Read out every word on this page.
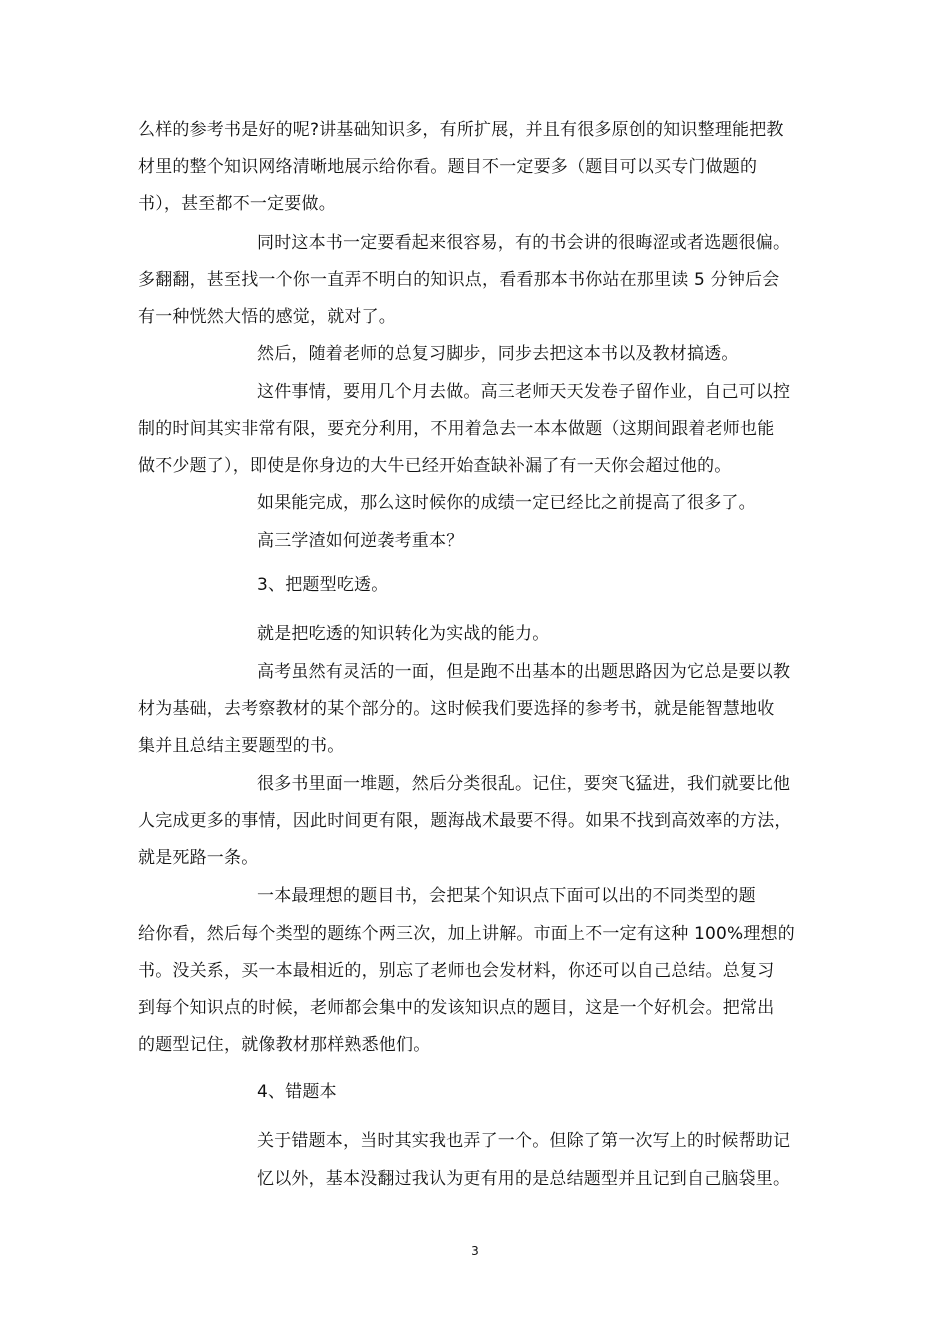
么样的参考书是好的呢?讲基础知识多，有所扩展，并且有很多原创的知识整理能把教

材里的整个知识网络清晰地展示给你看。题目不一定要多（题目可以买专门做题的

书），甚至都不一定要做。

同时这本书一定要看起来很容易，有的书会讲的很晦涩或者选题很偏。

多翻翻，甚至找一个你一直弄不明白的知识点，看看那本书你站在那里读 5 分钟后会

有一种恍然大悟的感觉，就对了。

然后，随着老师的总复习脚步，同步去把这本书以及教材搞透。

这件事情，要用几个月去做。高三老师天天发卷子留作业，自己可以控

制的时间其实非常有限，要充分利用，不用着急去一本本做题（这期间跟着老师也能

做不少题了），即使是你身边的大牛已经开始查缺补漏了有一天你会超过他的。

如果能完成，那么这时候你的成绩一定已经比之前提高了很多了。

高三学渣如何逆袭考重本？

3、把题型吃透。

就是把吃透的知识转化为实战的能力。

高考虽然有灵活的一面，但是跑不出基本的出题思路因为它总是要以教

材为基础，去考察教材的某个部分的。这时候我们要选择的参考书，就是能智慧地收

集并且总结主要题型的书。

很多书里面一堆题，然后分类很乱。记住，要突飞猛进，我们就要比他

人完成更多的事情，因此时间更有限，题海战术最要不得。如果不找到高效率的方法，

就是死路一条。

一本最理想的题目书，会把某个知识点下面可以出的不同类型的题

给你看，然后每个类型的题练个两三次，加上讲解。市面上不一定有这种 100%理想的

书。没关系，买一本最相近的，别忘了老师也会发材料，你还可以自己总结。总复习

到每个知识点的时候，老师都会集中的发该知识点的题目，这是一个好机会。把常出

的题型记住，就像教材那样熟悉他们。

4、错题本

关于错题本，当时其实我也弄了一个。但除了第一次写上的时候帮助记

忆以外，基本没翻过我认为更有用的是总结题型并且记到自己脑袋里。

3
